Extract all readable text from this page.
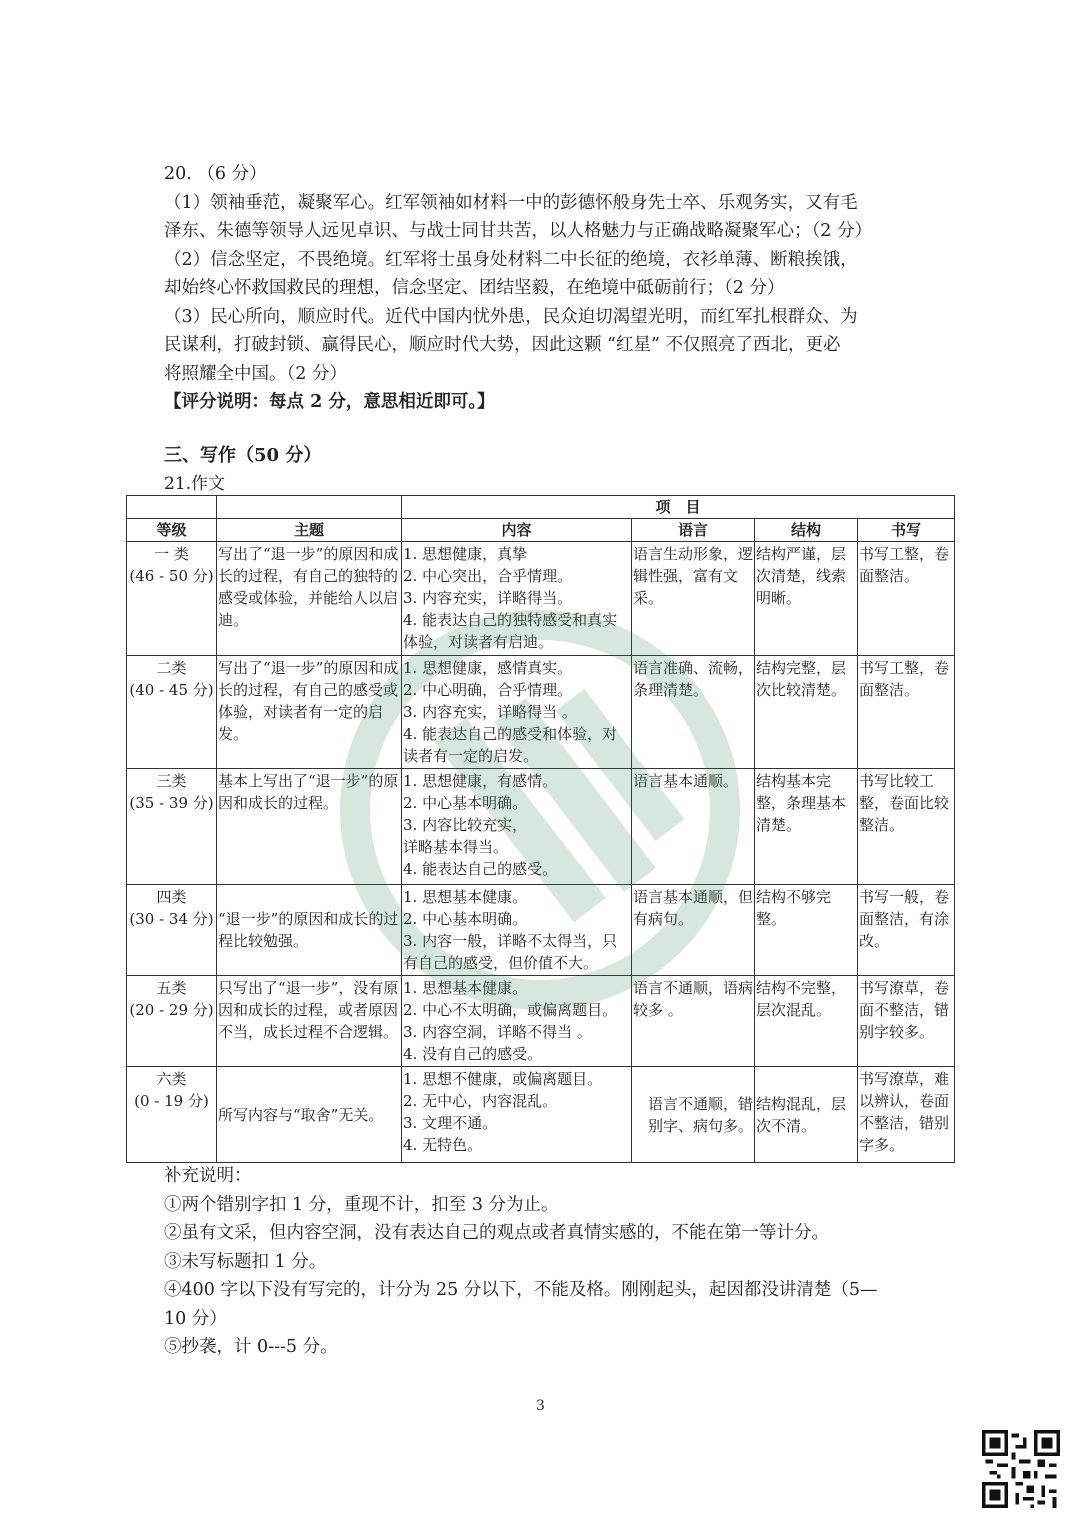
20. （6 分）

（1）领袖垂范，凝聚军心。红军领袖如材料一中的彭德怀般身先士卒、乐观务实，又有毛

泽东、朱德等领导人远见卓识、与战士同甘共苦，以人格魅力与正确战略凝聚军心；（2 分）

（2）信念坚定，不畏绝境。红军将士虽身处材料二中长征的绝境，衣衫单薄、断粮挨饿，

却始终心怀救国救民的理想，信念坚定、团结坚毅，在绝境中砥砺前行；（2 分）

（3）民心所向，顺应时代。近代中国内忧外患，民众迫切渴望光明，而红军扎根群众、为

民谋利，打破封锁、赢得民心，顺应时代大势，因此这颗 “红星” 不仅照亮了西北，更必

将照耀全中国。（2 分）

【评分说明：每点 2 分，意思相近即可。】

三、写作（50 分）
21.作文
		项　目			
等级	主题	内容	语言	结构	书写

一 类
(46 - 50 分)	写出了“退一步”的原因和成长的过程，有自己的独特的感受或体验，并能给人以启迪。	1. 思想健康，真挚
2. 中心突出，合乎情理。
3. 内容充实，详略得当。
4. 能表达自己的独特感受和真实体验，对读者有启迪。	语言生动形象，逻辑性强，富有文采。	结构严谨，层次清楚，线索明晰。	书写工整，卷面整洁。

二类
(40 - 45 分)	写出了“退一步”的原因和成长的过程，有自己的感受或体验，对读者有一定的启发。	1. 思想健康，感情真实。
2. 中心明确，合乎情理。
3. 内容充实，详略得当 。
4. 能表达自己的感受和体验，对读者有一定的启发。	语言准确、流畅，条理清楚。	结构完整，层次比较清楚。	书写工整，卷面整洁。

三类
(35 - 39 分)	基本上写出了“退一步”的原因和成长的过程。	1. 思想健康，有感情。
2. 中心基本明确。
3. 内容比较充实，
详略基本得当。
4. 能表达自己的感受。	语言基本通顺。	结构基本完整，条理基本清楚。	书写比较工整，卷面比较整洁。

四类
(30 - 34 分)	“退一步”的原因和成长的过程比较勉强。	1. 思想基本健康。
2. 中心基本明确。
3. 内容一般，详略不太得当，只有自己的感受，但价值不大。	语言基本通顺，但有病句。	结构不够完整。	书写一般，卷面整洁，有涂改。

五类
(20 - 29 分)	只写出了“退一步”，没有原因和成长的过程，或者原因不当，成长过程不合逻辑。	1. 思想基本健康。
2. 中心不太明确，或偏离题目。
3. 内容空洞，详略不得当 。
4. 没有自己的感受。	语言不通顺，语病较多 。	结构不完整，层次混乱。	书写潦草，卷面不整洁，错别字较多。

六类
(0 - 19 分)	所写内容与“取舍”无关。	1. 思想不健康，或偏离题目。
2. 无中心，内容混乱。
3. 文理不通。
4. 无特色。	语言不通顺，错别字、病句多。	结构混乱，层次不清。	书写潦草，难以辨认，卷面不整洁，错别字多。

补充说明：

①两个错别字扣 1 分，重现不计，扣至 3 分为止。

②虽有文采，但内容空洞，没有表达自己的观点或者真情实感的，不能在第一等计分。

③未写标题扣 1 分。

④400 字以下没有写完的，计分为 25 分以下，不能及格。刚刚起头，起因都没讲清楚（5—

10 分）

⑤抄袭，计 0---5 分。

3
